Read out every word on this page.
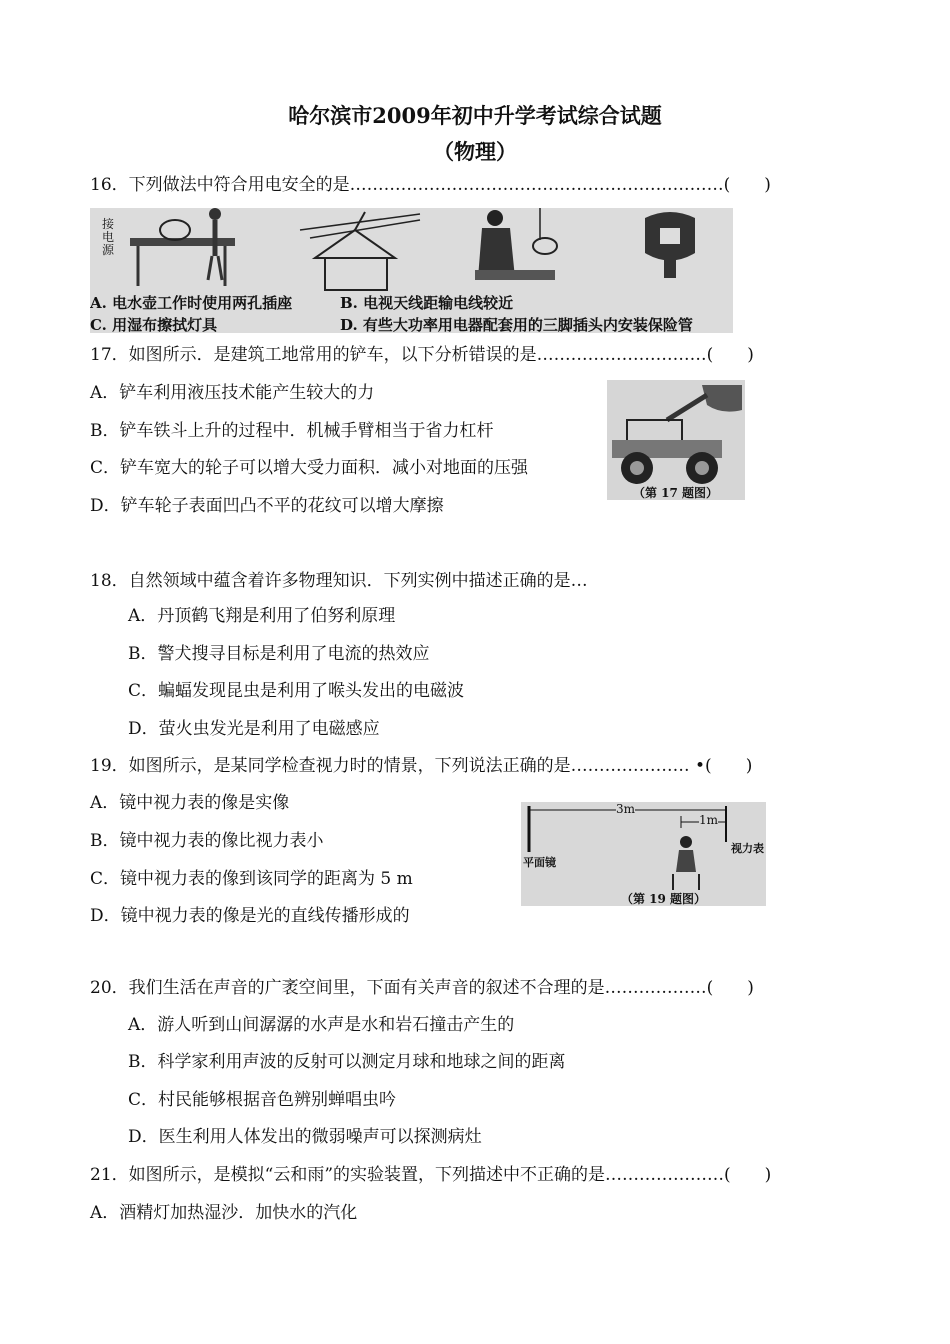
哈尔滨市2009年初中升学考试综合试题
（物理）
16．下列做法中符合用电安全的是…………………………………………………………(　　)
接
电
源
A. 电水壶工作时使用两孔插座	B. 电视天线距输电线较近
C. 用湿布擦拭灯具	D. 有些大功率用电器配套用的三脚插头内安装保险管
17．如图所示．是建筑工地常用的铲车，以下分析错误的是…………………………(　　)
A．铲车利用液压技术能产生较大的力
B．铲车铁斗上升的过程中．机械手臂相当于省力杠杆
C．铲车宽大的轮子可以增大受力面积．减小对地面的压强
D．铲车轮子表面凹凸不平的花纹可以增大摩擦
（第 17 题图）
18．自然领域中蕴含着许多物理知识．下列实例中描述正确的是…
A．丹顶鹤飞翔是利用了伯努利原理
B．警犬搜寻目标是利用了电流的热效应
C．蝙蝠发现昆虫是利用了喉头发出的电磁波
D．萤火虫发光是利用了电磁感应
19．如图所示，是某同学检查视力时的情景，下列说法正确的是………………… •(　　)
A．镜中视力表的像是实像
B．镜中视力表的像比视力表小
C．镜中视力表的像到该同学的距离为 5 m
D．镜中视力表的像是光的直线传播形成的
3m
1m
平面镜
视力表
（第 19 题图）
20．我们生活在声音的广袤空间里，下面有关声音的叙述不合理的是………………(　　)
A．游人听到山间潺潺的水声是水和岩石撞击产生的
B．科学家利用声波的反射可以测定月球和地球之间的距离
C．村民能够根据音色辨别蝉唱虫吟
D．医生利用人体发出的微弱噪声可以探测病灶
21．如图所示，是模拟“云和雨”的实验装置，下列描述中不正确的是…………………(　　)
A．酒精灯加热湿沙．加快水的汽化
